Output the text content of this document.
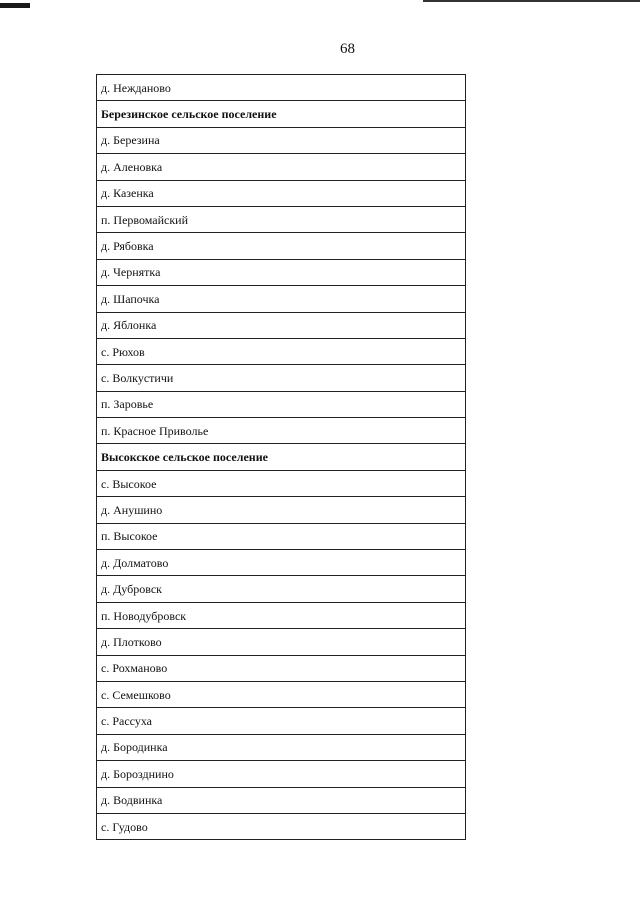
68
д. Нежданово
Березинское сельское поселение
д. Березина
д. Аленовка
д. Казенка
п. Первомайский
д. Рябовка
д. Чернятка
д. Шапочка
д. Яблонка
с. Рюхов
с. Волкустичи
п. Заровье
п. Красное Приволье
Высокское сельское поселение
с. Высокое
д. Анушино
п. Высокое
д. Долматово
д. Дубровск
п. Новодубровск
д. Плотково
с. Рохманово
с. Семешково
с. Рассуха
д. Бородинка
д. Борозднино
д. Водвинка
с. Гудово
